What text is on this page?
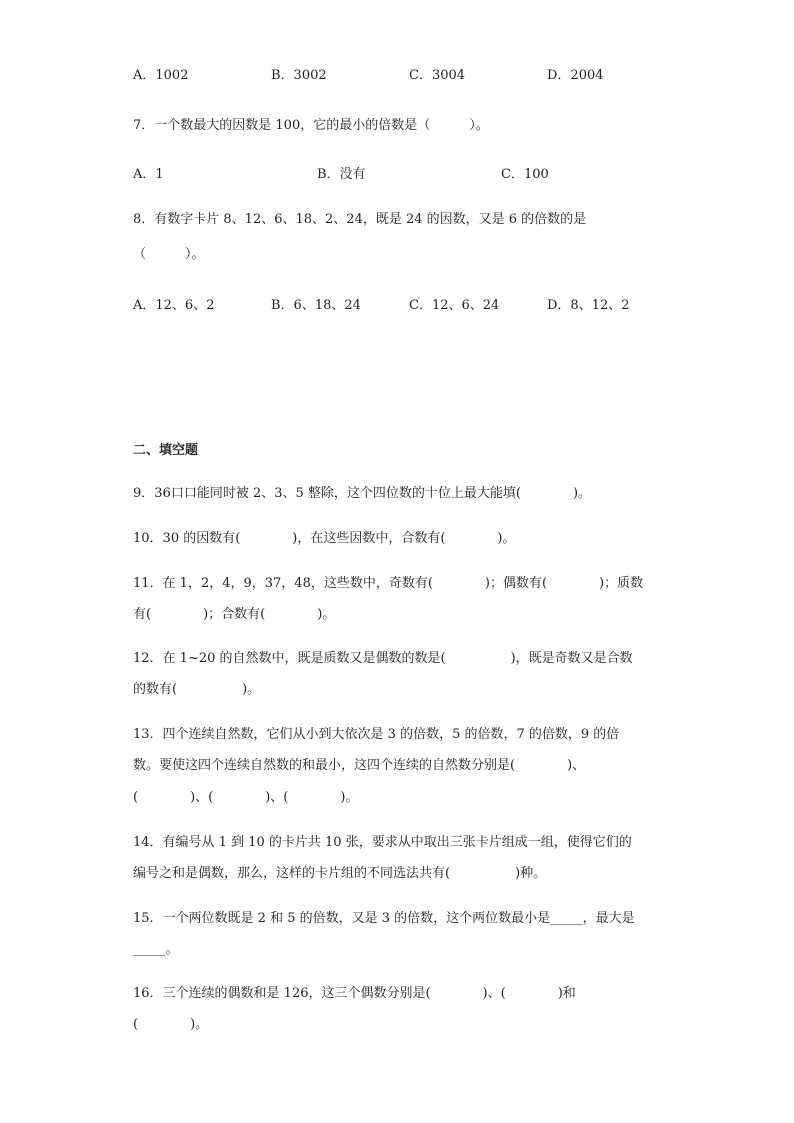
A．1002	B．3002	C．3004	D．2004
7．一个数最大的因数是 100，它的最小的倍数是（　　　）。
A．1	B．没有	C．100
8．有数字卡片 8、12、6、18、2、24，既是 24 的因数，又是 6 的倍数的是
（　　　）。
A．12、6、2	B．6、18、24	C．12、6、24	D．8、12、2
二、填空题
9．36口口能同时被 2、3、5 整除，这个四位数的十位上最大能填(　　　　)。
10．30 的因数有(　　　　)，在这些因数中，合数有(　　　　)。
11．在 1，2，4，9，37，48，这些数中，奇数有(　　　　)；偶数有(　　　　)；质数
有(　　　　)；合数有(　　　　)。
12．在 1~20 的自然数中，既是质数又是偶数的数是(　　　　　)，既是奇数又是合数
的数有(　　　　　)。
13．四个连续自然数，它们从小到大依次是 3 的倍数，5 的倍数，7 的倍数，9 的倍
数。要使这四个连续自然数的和最小，这四个连续的自然数分别是(　　　　)、
(　　　　)、(　　　　)、(　　　　)。
14．有编号从 1 到 10 的卡片共 10 张，要求从中取出三张卡片组成一组，使得它们的
编号之和是偶数，那么，这样的卡片组的不同选法共有(　　　　　)种。
15．一个两位数既是 2 和 5 的倍数，又是 3 的倍数，这个两位数最小是_____，最大是
_____。
16．三个连续的偶数和是 126，这三个偶数分别是(　　　　)、(　　　　)和
(　　　　)。
